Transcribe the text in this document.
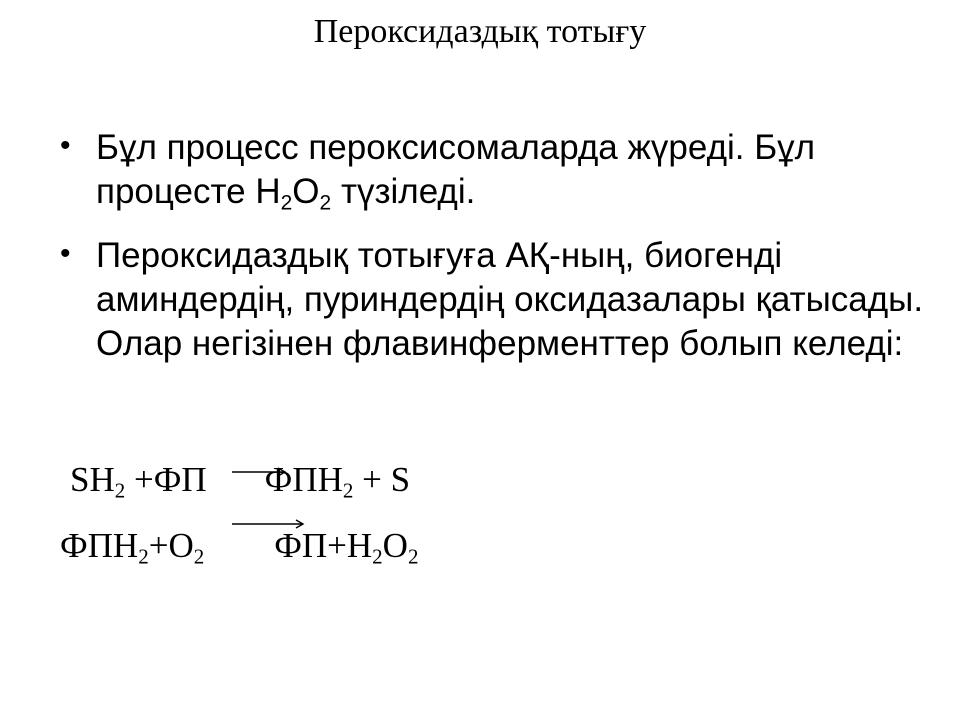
Пероксидаздық тотығу
• Бұл процесс пероксисомаларда жүреді. Бұл процесте $H_2O_2$ түзіледі.
• Пероксидаздық тотығуға АҚ-ның, биогенді аминдердің, пуриндердің оксидазалары қатысады. Олар негізінен флавинферменттер болып келеді:
$SH_2 +ФП$ $ФПH_2 + S$
$ФПH_2+O_2$ $ФП+H_2O_2$
